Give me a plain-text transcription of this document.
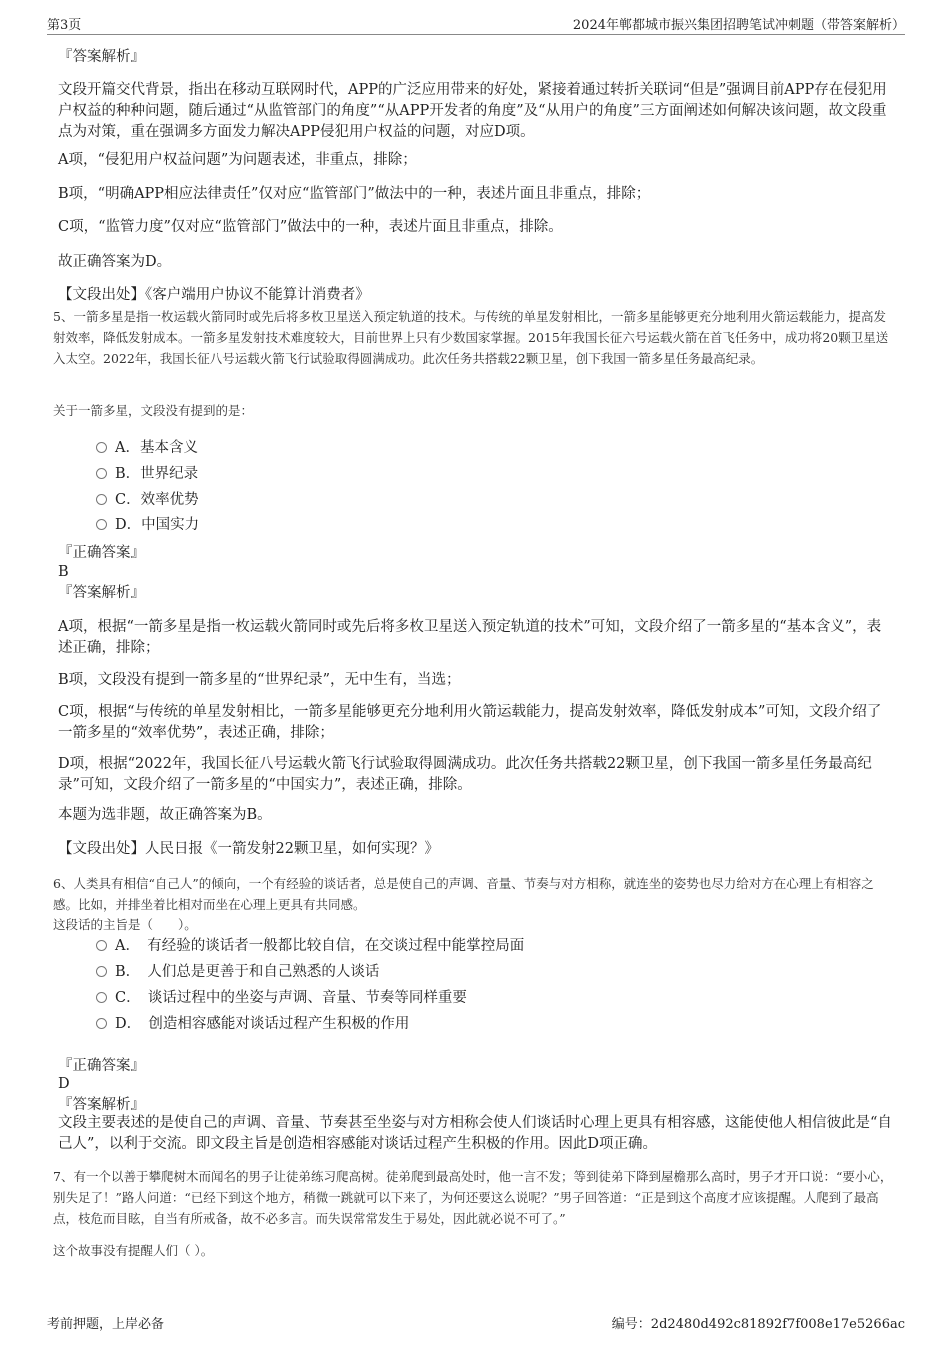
第3页	2024年郸都城市振兴集团招聘笔试冲刺题（带答案解析）

『答案解析』

文段开篇交代背景，指出在移动互联网时代，APP的广泛应用带来的好处，紧接着通过转折关联词“但是”强调目前APP存在侵犯用户权益的种种问题，随后通过“从监管部门的角度”“从APP开发者的角度”及“从用户的角度”三方面阐述如何解决该问题，故文段重点为对策，重在强调多方面发力解决APP侵犯用户权益的问题，对应D项。

A项，“侵犯用户权益问题”为问题表述，非重点，排除；

B项，“明确APP相应法律责任”仅对应“监管部门”做法中的一种，表述片面且非重点，排除；

C项，“监管力度”仅对应“监管部门”做法中的一种，表述片面且非重点，排除。

故正确答案为D。

【文段出处】《客户端用户协议不能算计消费者》

5、一箭多星是指一枚运载火箭同时或先后将多枚卫星送入预定轨道的技术。与传统的单星发射相比，一箭多星能够更充分地利用火箭运载能力，提高发射效率，降低发射成本。一箭多星发射技术难度较大，目前世界上只有少数国家掌握。2015年我国长征六号运载火箭在首飞任务中，成功将20颗卫星送入太空。2022年，我国长征八号运载火箭飞行试验取得圆满成功。此次任务共搭载22颗卫星，创下我国一箭多星任务最高纪录。

关于一箭多星，文段没有提到的是：

A．基本含义
B．世界纪录
C．效率优势
D．中国实力

『正确答案』

B

『答案解析』

A项，根据“一箭多星是指一枚运载火箭同时或先后将多枚卫星送入预定轨道的技术”可知，文段介绍了一箭多星的“基本含义”，表述正确，排除；

B项，文段没有提到一箭多星的“世界纪录”，无中生有，当选；

C项，根据“与传统的单星发射相比，一箭多星能够更充分地利用火箭运载能力，提高发射效率，降低发射成本”可知，文段介绍了一箭多星的“效率优势”，表述正确，排除；

D项，根据“2022年，我国长征八号运载火箭飞行试验取得圆满成功。此次任务共搭载22颗卫星，创下我国一箭多星任务最高纪录”可知，文段介绍了一箭多星的“中国实力”，表述正确，排除。

本题为选非题，故正确答案为B。

【文段出处】人民日报《一箭发射22颗卫星，如何实现？》

6、人类具有相信“自己人”的倾向，一个有经验的谈话者，总是使自己的声调、音量、节奏与对方相称，就连坐的姿势也尽力给对方在心理上有相容之感。比如，并排坐着比相对而坐在心理上更具有共同感。

这段话的主旨是（　　）。

A．　有经验的谈话者一般都比较自信，在交谈过程中能掌控局面
B．　人们总是更善于和自己熟悉的人谈话
C．　谈话过程中的坐姿与声调、音量、节奏等同样重要
D．　创造相容感能对谈话过程产生积极的作用

『正确答案』

D

『答案解析』

文段主要表述的是使自己的声调、音量、节奏甚至坐姿与对方相称会使人们谈话时心理上更具有相容感，这能使他人相信彼此是“自己人”，以利于交流。即文段主旨是创造相容感能对谈话过程产生积极的作用。因此D项正确。

7、有一个以善于攀爬树木而闻名的男子让徒弟练习爬高树。徒弟爬到最高处时，他一言不发；等到徒弟下降到屋檐那么高时，男子才开口说：“要小心，别失足了！”路人问道：“已经下到这个地方，稍微一跳就可以下来了，为何还要这么说呢？”男子回答道：“正是到这个高度才应该提醒。人爬到了最高点，枝危而目眩，自当有所戒备，故不必多言。而失误常常发生于易处，因此就必说不可了。”

这个故事没有提醒人们（ ）。

考前押题，上岸必备	编号：2d2480d492c81892f7f008e17e5266ac
